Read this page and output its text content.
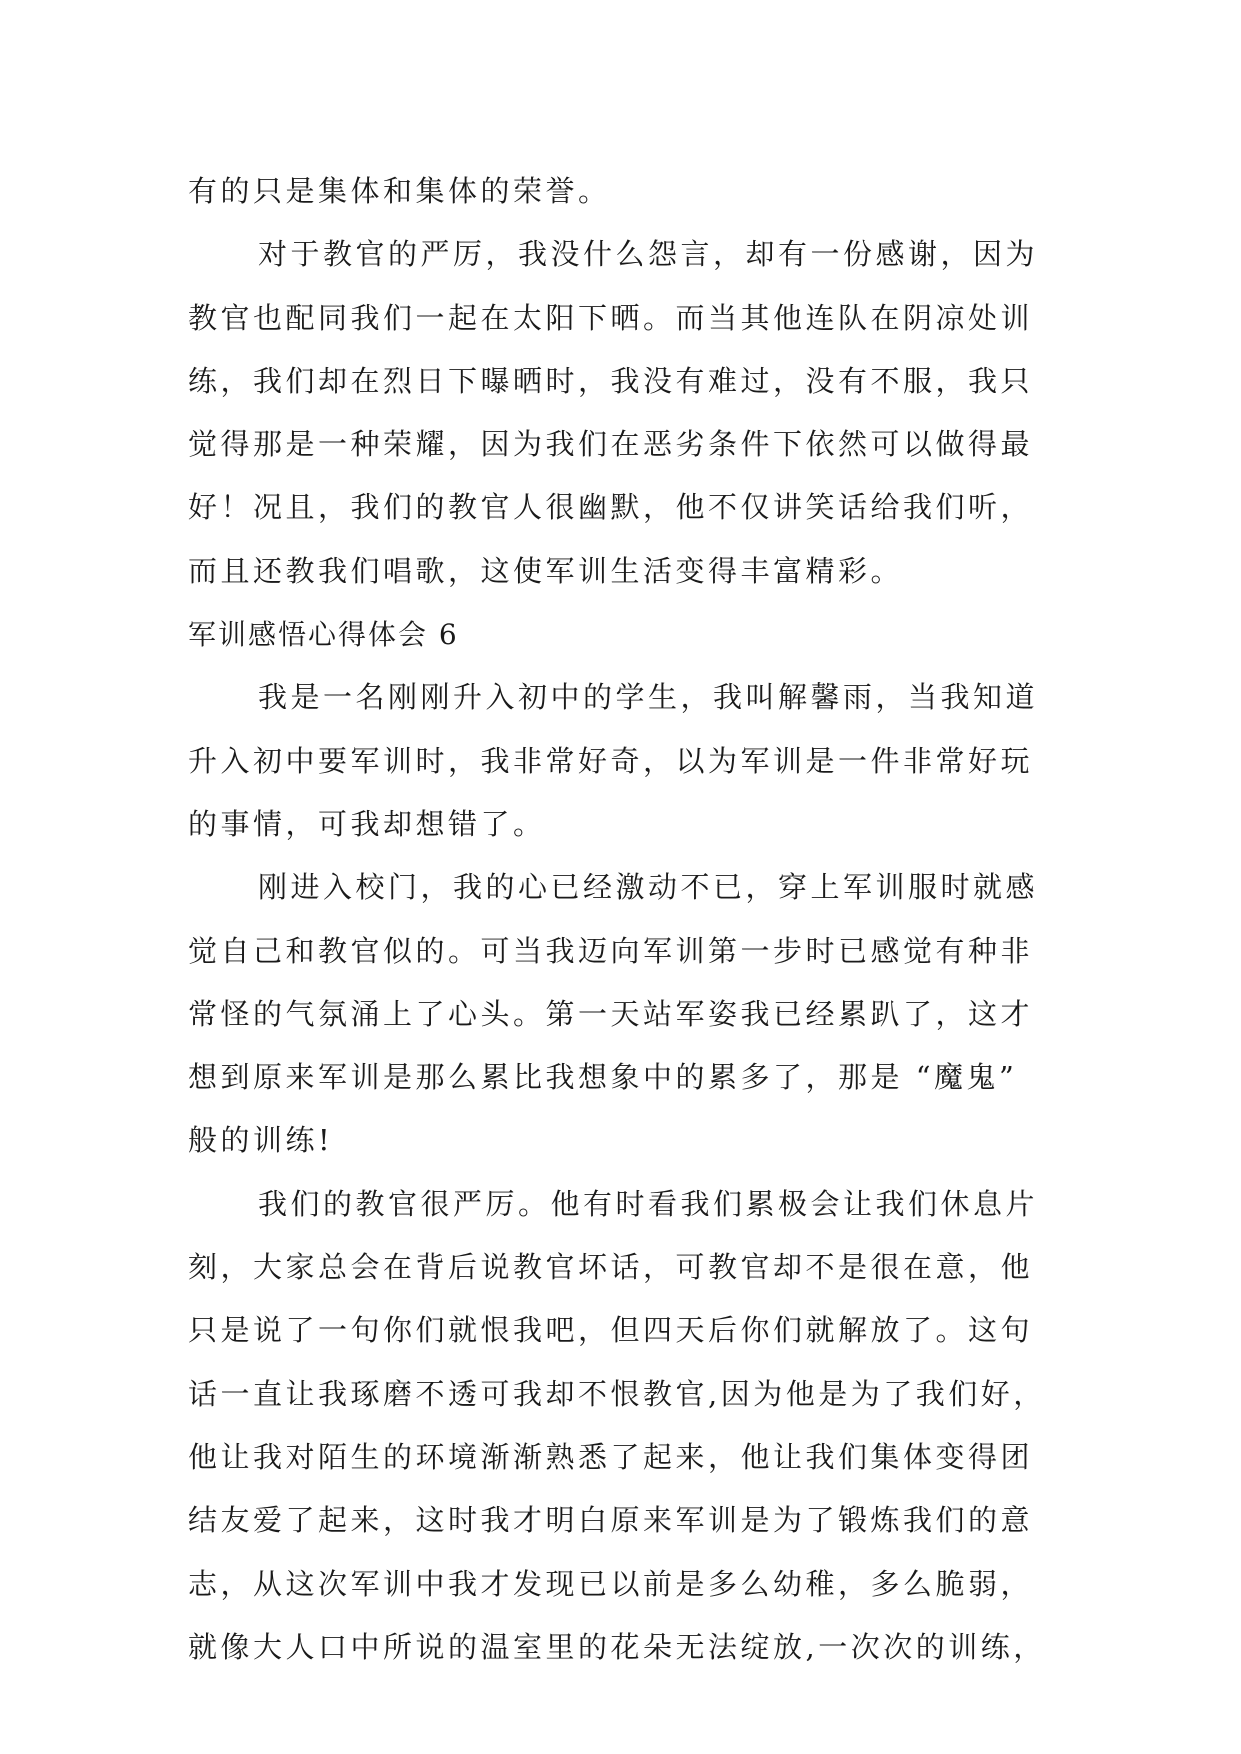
有的只是集体和集体的荣誉。
对于教官的严厉，我没什么怨言，却有一份感谢，因为
教官也配同我们一起在太阳下晒。而当其他连队在阴凉处训
练，我们却在烈日下曝晒时，我没有难过，没有不服，我只
觉得那是一种荣耀，因为我们在恶劣条件下依然可以做得最
好！况且，我们的教官人很幽默，他不仅讲笑话给我们听，
而且还教我们唱歌，这使军训生活变得丰富精彩。
军训感悟心得体会 6
我是一名刚刚升入初中的学生，我叫解馨雨，当我知道
升入初中要军训时，我非常好奇，以为军训是一件非常好玩
的事情，可我却想错了。
刚进入校门，我的心已经激动不已，穿上军训服时就感
觉自己和教官似的。可当我迈向军训第一步时已感觉有种非
常怪的气氛涌上了心头。第一天站军姿我已经累趴了，这才
想到原来军训是那么累比我想象中的累多了，那是 “魔鬼”
般的训练!
我们的教官很严厉。他有时看我们累极会让我们休息片
刻，大家总会在背后说教官坏话，可教官却不是很在意，他
只是说了一句你们就恨我吧，但四天后你们就解放了。这句
话一直让我琢磨不透可我却不恨教官,因为他是为了我们好，
他让我对陌生的环境渐渐熟悉了起来，他让我们集体变得团
结友爱了起来，这时我才明白原来军训是为了锻炼我们的意
志，从这次军训中我才发现已以前是多么幼稚，多么脆弱，
就像大人口中所说的温室里的花朵无法绽放,一次次的训练，
